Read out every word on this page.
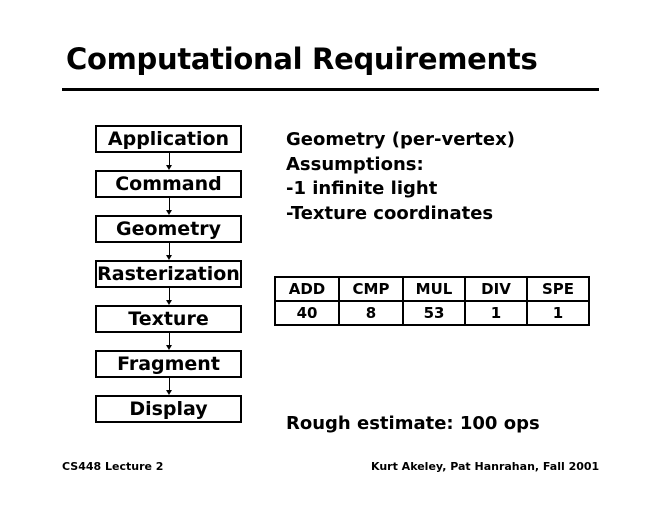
Computational Requirements
Application
Command
Geometry
Rasterization
Texture
Fragment
Display
Geometry (per-vertex)
Assumptions:
-1 infinite light
-Texture coordinates
ADD	CMP	MUL	DIV	SPE
40	8	53	1	1
Rough estimate: 100 ops
CS448 Lecture 2	Kurt Akeley, Pat Hanrahan, Fall 2001
